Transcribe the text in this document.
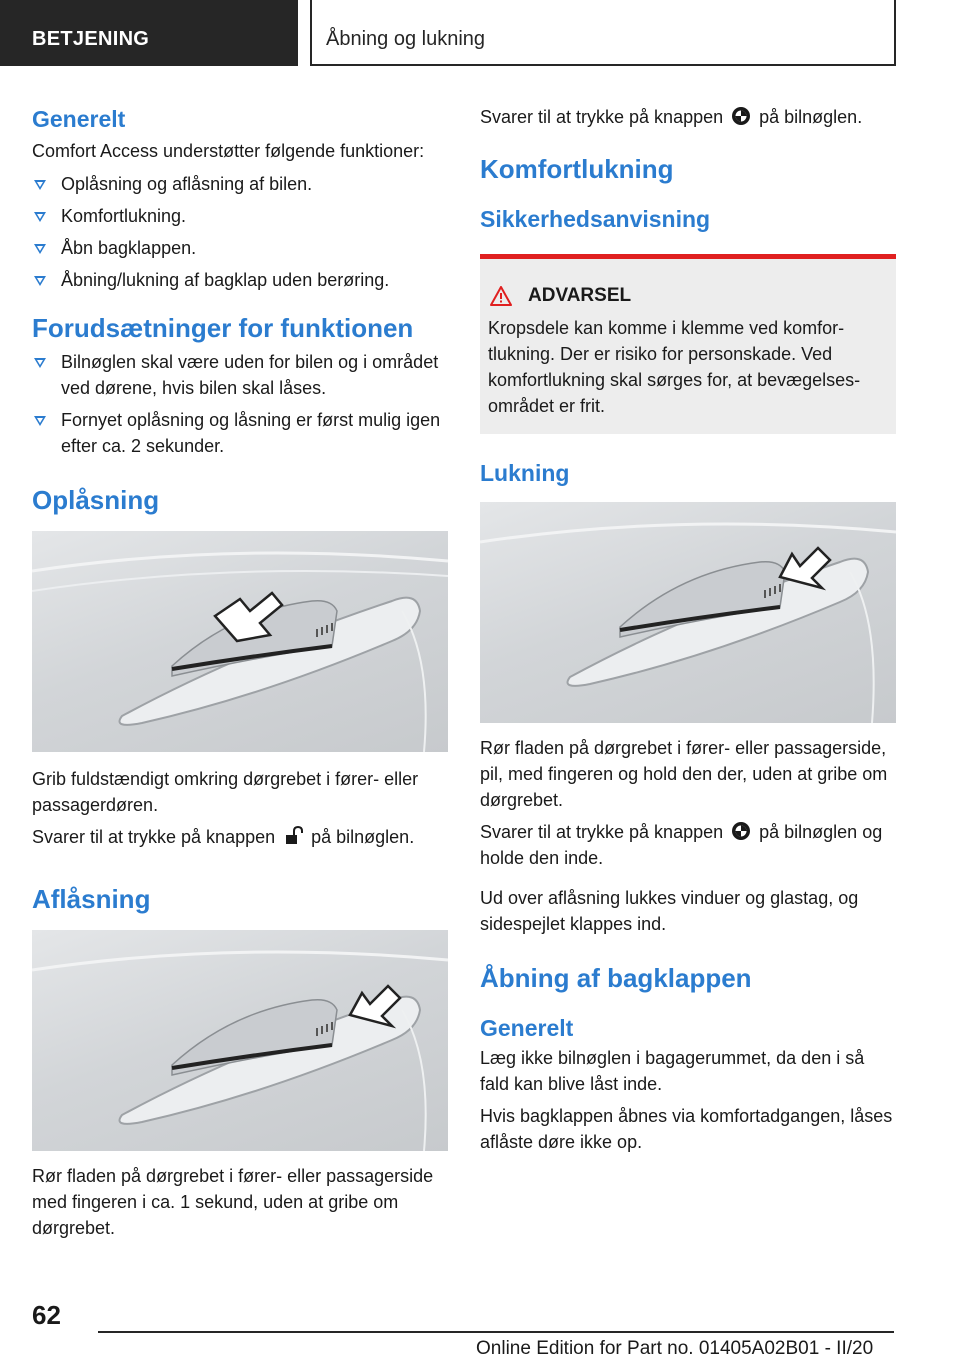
BETJENING	Åbning og lukning
Generelt
Comfort Access understøtter følgende funktioner:
Oplåsning og aflåsning af bilen.
Komfortlukning.
Åbn bagklappen.
Åbning/lukning af bagklap uden berøring.
Forudsætninger for funktionen
Bilnøglen skal være uden for bilen og i området ved dørene, hvis bilen skal låses.
Fornyet oplåsning og låsning er først mulig igen efter ca. 2 sekunder.
Oplåsning
Grib fuldstændigt omkring dørgrebet i fører- eller passagerdøren.
Svarer til at trykke på knappen på bilnøglen.
Aflåsning
Rør fladen på dørgrebet i fører- eller passagerside med fingeren i ca. 1 sekund, uden at gribe om dørgrebet.
Svarer til at trykke på knappen på bilnøglen.
Komfortlukning
Sikkerhedsanvisning
ADVARSEL
Kropsdele kan komme i klemme ved komfortlukning. Der er risiko for personskade. Ved komfortlukning skal sørges for, at bevægelsesområdet er frit.
Lukning
Rør fladen på dørgrebet i fører- eller passagerside, pil, med fingeren og hold den der, uden at gribe om dørgrebet.
Svarer til at trykke på knappen på bilnøglen og holde den inde.
Ud over aflåsning lukkes vinduer og glastag, og sidespejlet klappes ind.
Åbning af bagklappen
Generelt
Læg ikke bilnøglen i bagagerummet, da den i så fald kan blive låst inde.
Hvis bagklappen åbnes via komfortadgangen, låses aflåste døre ikke op.
62
Online Edition for Part no. 01405A02B01 - II/20
